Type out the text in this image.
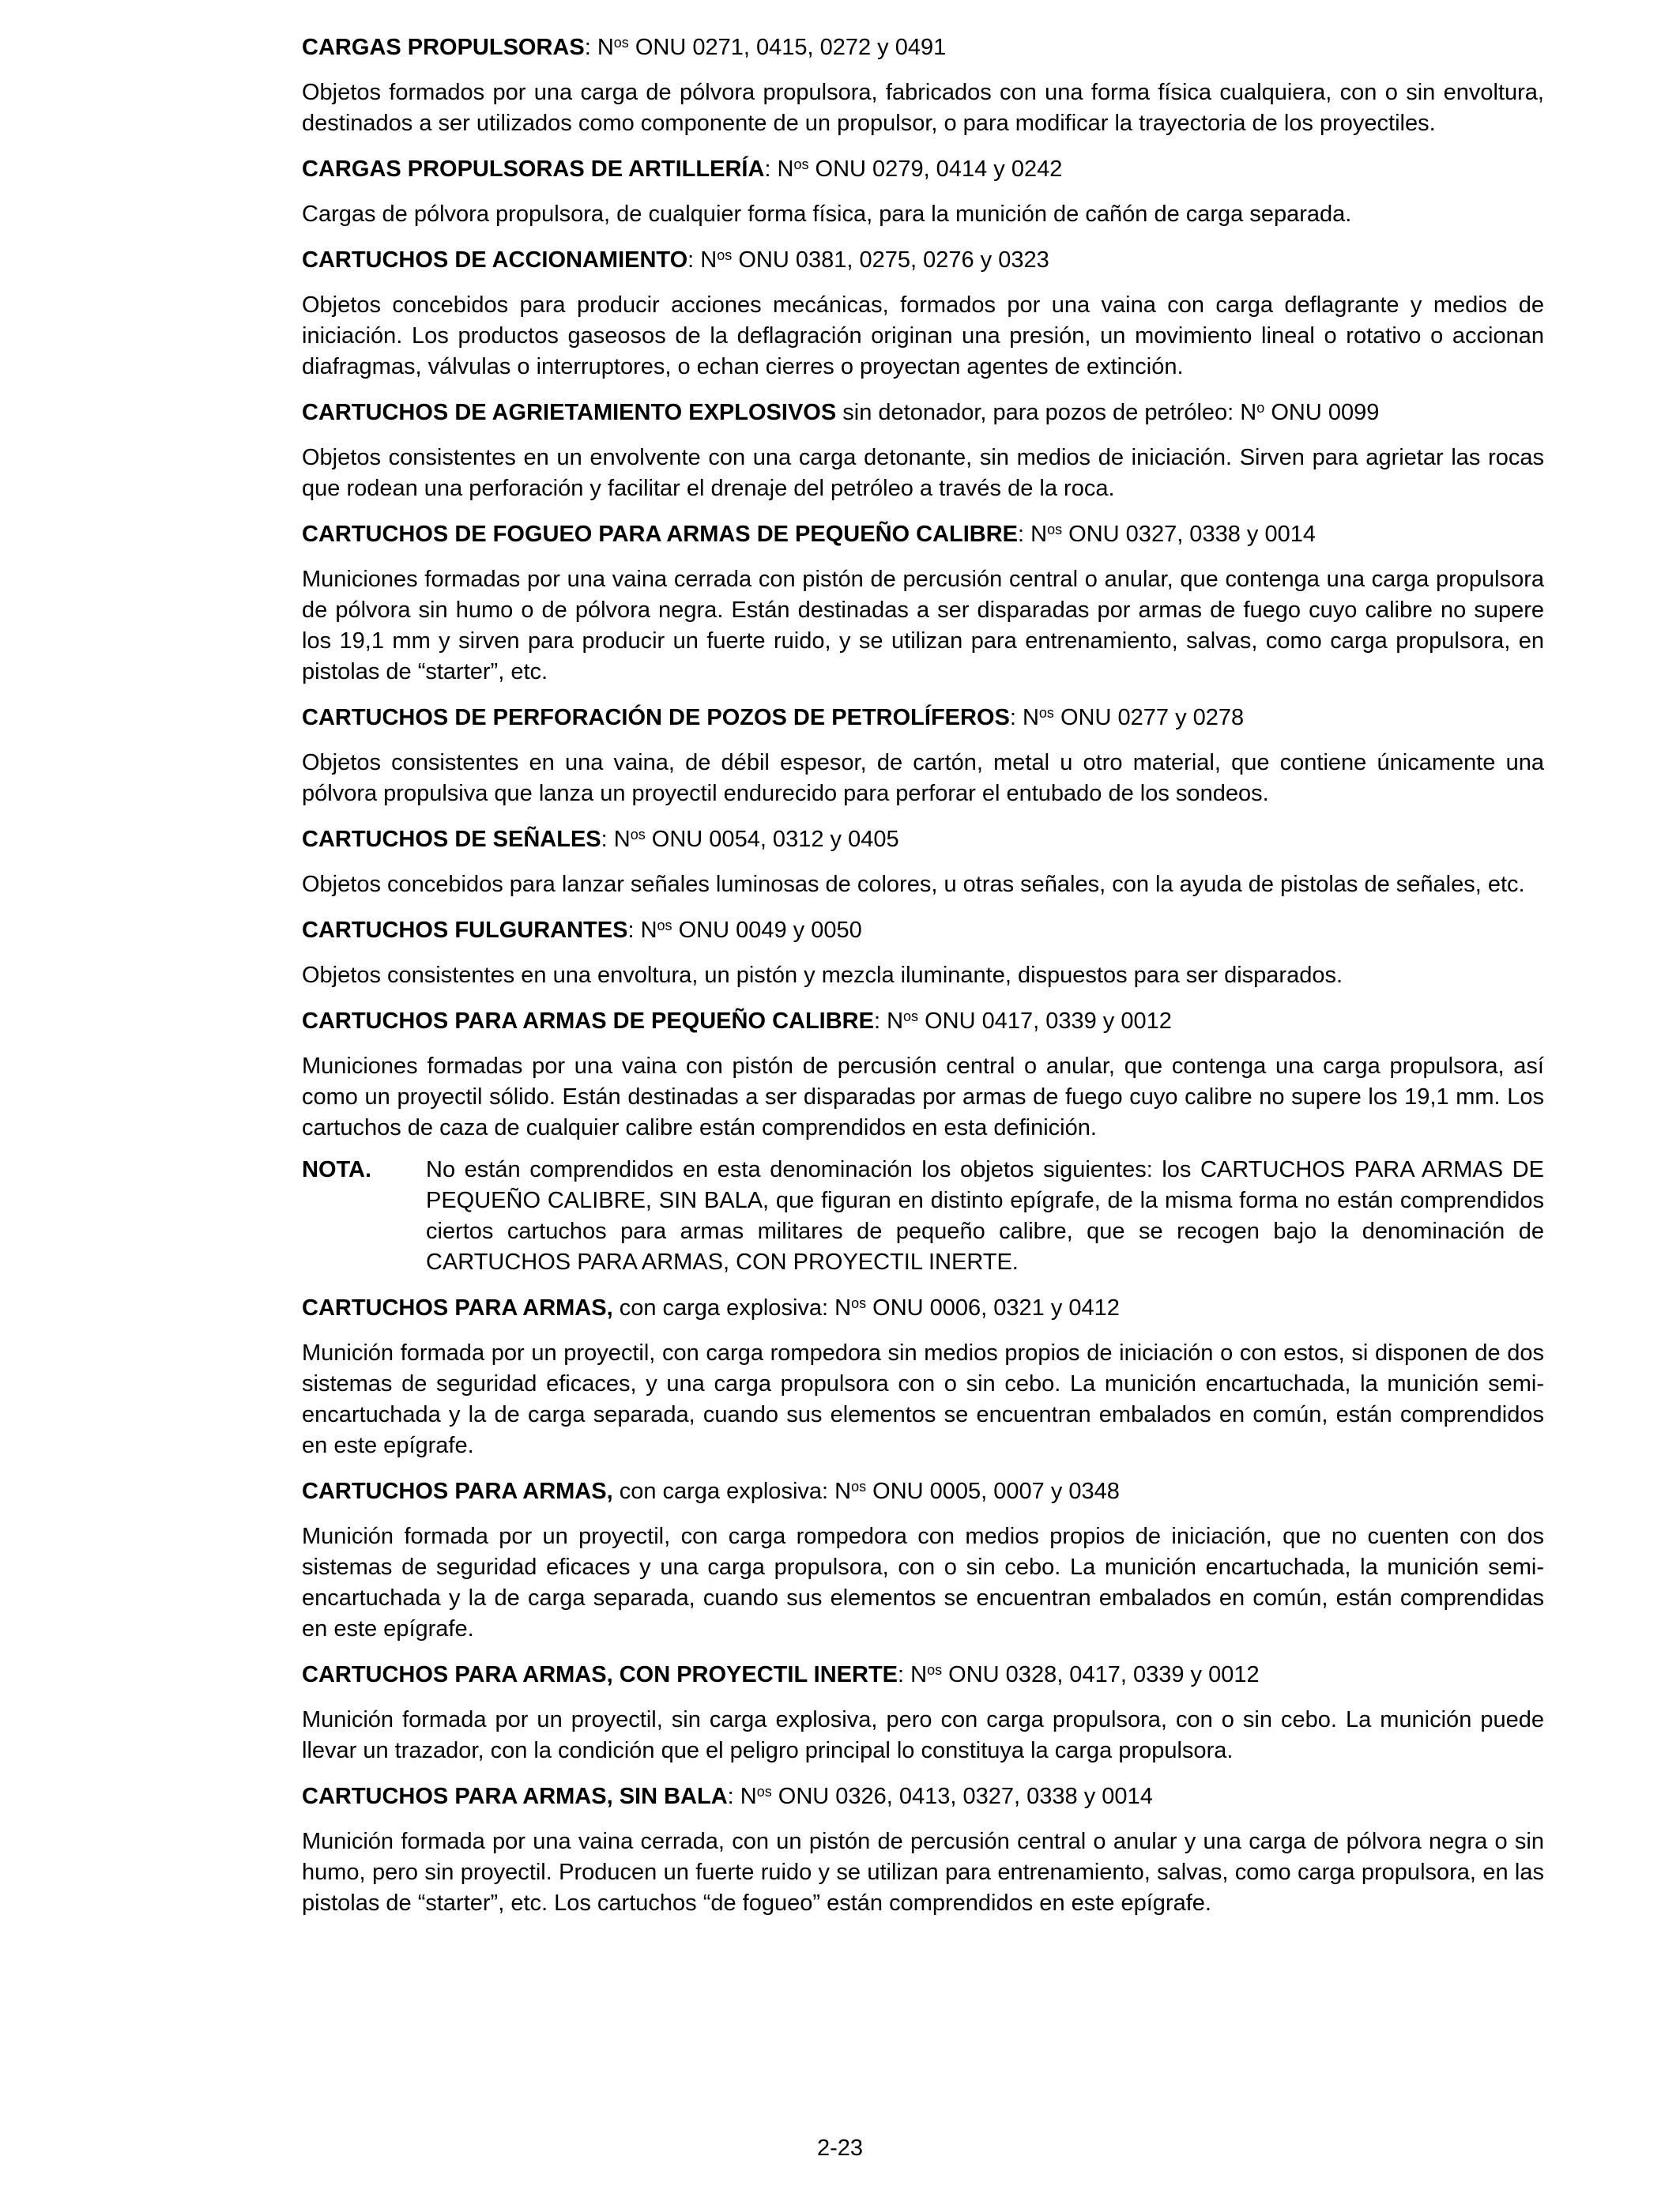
CARGAS PROPULSORAS: $N^{os}$ ONU 0271, 0415, 0272 y 0491

Objetos formados por una carga de pólvora propulsora, fabricados con una forma física cualquiera, con o sin envoltura, destinados a ser utilizados como componente de un propulsor, o para modificar la trayectoria de los proyectiles.

CARGAS PROPULSORAS DE ARTILLERÍA: $N^{os}$ ONU 0279, 0414 y 0242

Cargas de pólvora propulsora, de cualquier forma física, para la munición de cañón de carga separada.

CARTUCHOS DE ACCIONAMIENTO: $N^{os}$ ONU 0381, 0275, 0276 y 0323

Objetos concebidos para producir acciones mecánicas, formados por una vaina con carga deflagrante y medios de iniciación. Los productos gaseosos de la deflagración originan una presión, un movimiento lineal o rotativo o accionan diafragmas, válvulas o interruptores, o echan cierres o proyectan agentes de extinción.

CARTUCHOS DE AGRIETAMIENTO EXPLOSIVOS sin detonador, para pozos de petróleo: $N^o$ ONU 0099

Objetos consistentes en un envolvente con una carga detonante, sin medios de iniciación. Sirven para agrietar las rocas que rodean una perforación y facilitar el drenaje del petróleo a través de la roca.

CARTUCHOS DE FOGUEO PARA ARMAS DE PEQUEÑO CALIBRE: $N^{os}$ ONU 0327, 0338 y 0014

Municiones formadas por una vaina cerrada con pistón de percusión central o anular, que contenga una carga propulsora de pólvora sin humo o de pólvora negra. Están destinadas a ser disparadas por armas de fuego cuyo calibre no supere los 19,1 mm y sirven para producir un fuerte ruido, y se utilizan para entrenamiento, salvas, como carga propulsora, en pistolas de “starter”, etc.

CARTUCHOS DE PERFORACIÓN DE POZOS DE PETROLÍFEROS: $N^{os}$ ONU 0277 y 0278

Objetos consistentes en una vaina, de débil espesor, de cartón, metal u otro material, que contiene únicamente una pólvora propulsiva que lanza un proyectil endurecido para perforar el entubado de los sondeos.

CARTUCHOS DE SEÑALES: $N^{os}$ ONU 0054, 0312 y 0405

Objetos concebidos para lanzar señales luminosas de colores, u otras señales, con la ayuda de pistolas de señales, etc.

CARTUCHOS FULGURANTES: $N^{os}$ ONU 0049 y 0050

Objetos consistentes en una envoltura, un pistón y mezcla iluminante, dispuestos para ser disparados.

CARTUCHOS PARA ARMAS DE PEQUEÑO CALIBRE: $N^{os}$ ONU 0417, 0339 y 0012

Municiones formadas por una vaina con pistón de percusión central o anular, que contenga una carga propulsora, así como un proyectil sólido. Están destinadas a ser disparadas por armas de fuego cuyo calibre no supere los 19,1 mm. Los cartuchos de caza de cualquier calibre están comprendidos en esta definición.

NOTA.	No están comprendidos en esta denominación los objetos siguientes: los CARTUCHOS PARA ARMAS DE PEQUEÑO CALIBRE, SIN BALA, que figuran en distinto epígrafe, de la misma forma no están comprendidos ciertos cartuchos para armas militares de pequeño calibre, que se recogen bajo la denominación de CARTUCHOS PARA ARMAS, CON PROYECTIL INERTE.

CARTUCHOS PARA ARMAS, con carga explosiva: $N^{os}$ ONU 0006, 0321 y 0412

Munición formada por un proyectil, con carga rompedora sin medios propios de iniciación o con estos, si disponen de dos sistemas de seguridad eficaces, y una carga propulsora con o sin cebo. La munición encartuchada, la munición semi-encartuchada y la de carga separada, cuando sus elementos se encuentran embalados en común, están comprendidos en este epígrafe.

CARTUCHOS PARA ARMAS, con carga explosiva: $N^{os}$ ONU 0005, 0007 y 0348

Munición formada por un proyectil, con carga rompedora con medios propios de iniciación, que no cuenten con dos sistemas de seguridad eficaces y una carga propulsora, con o sin cebo. La munición encartuchada, la munición semi-encartuchada y la de carga separada, cuando sus elementos se encuentran embalados en común, están comprendidas en este epígrafe.

CARTUCHOS PARA ARMAS, CON PROYECTIL INERTE: $N^{os}$ ONU 0328, 0417, 0339 y 0012

Munición formada por un proyectil, sin carga explosiva, pero con carga propulsora, con o sin cebo. La munición puede llevar un trazador, con la condición que el peligro principal lo constituya la carga propulsora.

CARTUCHOS PARA ARMAS, SIN BALA: $N^{os}$ ONU 0326, 0413, 0327, 0338 y 0014

Munición formada por una vaina cerrada, con un pistón de percusión central o anular y una carga de pólvora negra o sin humo, pero sin proyectil. Producen un fuerte ruido y se utilizan para entrenamiento, salvas, como carga propulsora, en las pistolas de “starter”, etc. Los cartuchos “de fogueo” están comprendidos en este epígrafe.

2-23
